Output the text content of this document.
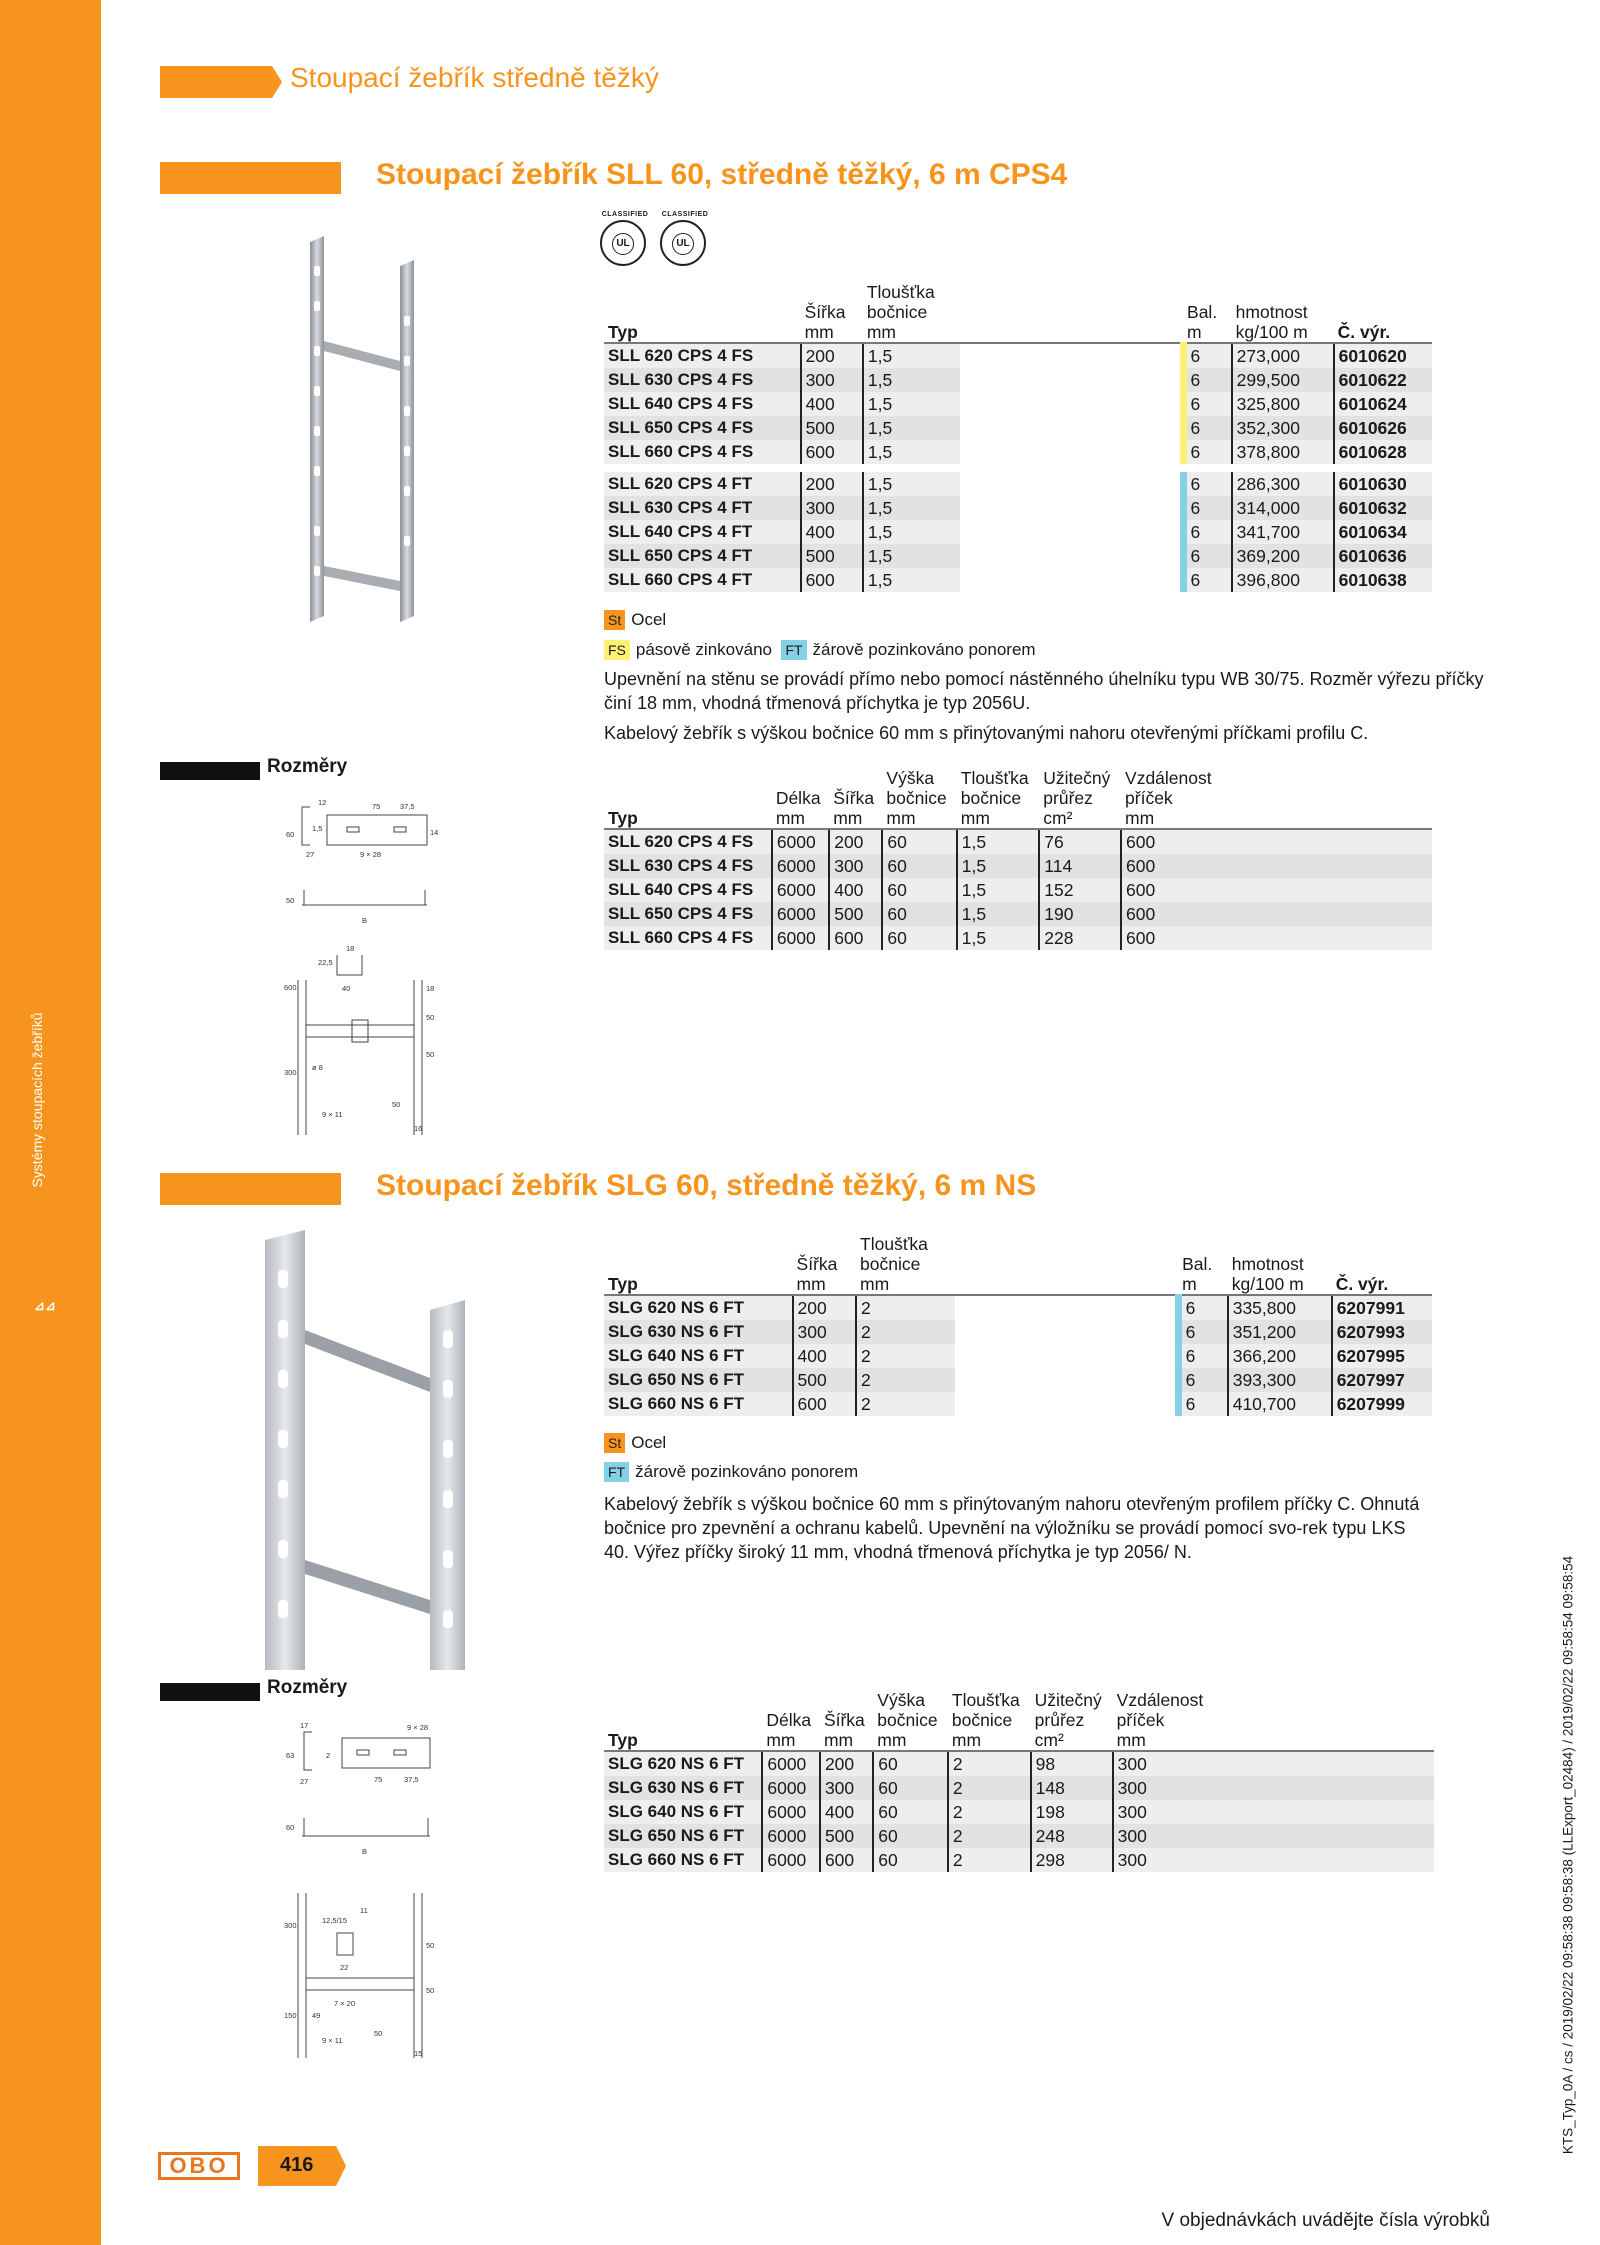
Systémy stoupacích žebříků
⊿⊿
Stoupací žebřík středně těžký
Stoupací žebřík SLL 60, středně těžký, 6 m CPS4
CLASSIFIED
UL
CLASSIFIED
UL
		Tloušťka				
	Šířka	bočnice		Bal.	hmotnost	
Typ	mm	mm		m	kg/100 m	Č. výr.
SLL 620 CPS 4 FS	200	1,5		6	273,000	6010620
SLL 630 CPS 4 FS	300	1,5		6	299,500	6010622
SLL 640 CPS 4 FS	400	1,5		6	325,800	6010624
SLL 650 CPS 4 FS	500	1,5		6	352,300	6010626
SLL 660 CPS 4 FS	600	1,5		6	378,800	6010628

SLL 620 CPS 4 FT	200	1,5		6	286,300	6010630
SLL 630 CPS 4 FT	300	1,5		6	314,000	6010632
SLL 640 CPS 4 FT	400	1,5		6	341,700	6010634
SLL 650 CPS 4 FT	500	1,5		6	369,200	6010636
SLL 660 CPS 4 FT	600	1,5		6	396,800	6010638
St Ocel
FS pásově zinkováno FT žárově pozinkováno ponorem
Upevnění na stěnu se provádí přímo nebo pomocí nástěnného úhelníku typu WB 30/75. Rozměr výřezu příčky činí 18 mm, vhodná třmenová příchytka je typ 2056U.
Kabelový žebřík s výškou bočnice 60 mm s přinýtovanými nahoru otevřenými příčkami profilu C.
Rozměry
12	75	37,5
60
1,5	14
27	9 × 28
50
B
18
22,5
40
600	18
50
50
300
ø 8
9 × 11
50
16
			Výška	Tloušťka	Užitečný	Vzdálenost	
	Délka	Šířka	bočnice	bočnice	průřez	příček	
Typ	mm	mm	mm	mm	cm²	mm	
SLL 620 CPS 4 FS	6000	200	60	1,5	76	600	
SLL 630 CPS 4 FS	6000	300	60	1,5	114	600	
SLL 640 CPS 4 FS	6000	400	60	1,5	152	600	
SLL 650 CPS 4 FS	6000	500	60	1,5	190	600	
SLL 660 CPS 4 FS	6000	600	60	1,5	228	600	
Stoupací žebřík SLG 60, středně těžký, 6 m NS
		Tloušťka				
	Šířka	bočnice		Bal.	hmotnost	
Typ	mm	mm		m	kg/100 m	Č. výr.
SLG 620 NS 6 FT	200	2		6	335,800	6207991
SLG 630 NS 6 FT	300	2		6	351,200	6207993
SLG 640 NS 6 FT	400	2		6	366,200	6207995
SLG 650 NS 6 FT	500	2		6	393,300	6207997
SLG 660 NS 6 FT	600	2		6	410,700	6207999
St Ocel
FT žárově pozinkováno ponorem
Kabelový žebřík s výškou bočnice 60 mm s přinýtovaným nahoru otevřeným profilem příčky C. Ohnutá bočnice pro zpevnění a ochranu kabelů. Upevnění na výložníku se provádí pomocí svo-rek typu LKS 40. Výřez příčky široký 11 mm, vhodná třmenová příchytka je typ 2056/ N.
Rozměry
17	9 × 28
63	2
27	75	37,5
60
B
300
12,5/15
11
22
50
7 × 20
50
150 49
9 × 11
50
15
			Výška	Tloušťka	Užitečný	Vzdálenost	
	Délka	Šířka	bočnice	bočnice	průřez	příček	
Typ	mm	mm	mm	mm	cm²	mm	
SLG 620 NS 6 FT	6000	200	60	2	98	300	
SLG 630 NS 6 FT	6000	300	60	2	148	300	
SLG 640 NS 6 FT	6000	400	60	2	198	300	
SLG 650 NS 6 FT	6000	500	60	2	248	300	
SLG 660 NS 6 FT	6000	600	60	2	298	300	
OBO	416
V objednávkách uvádějte čísla výrobků
KTS_Typ_0A / cs / 2019/02/22 09:58:38 09:58:38 (LLExport_02484) / 2019/02/22 09:58:54 09:58:54
